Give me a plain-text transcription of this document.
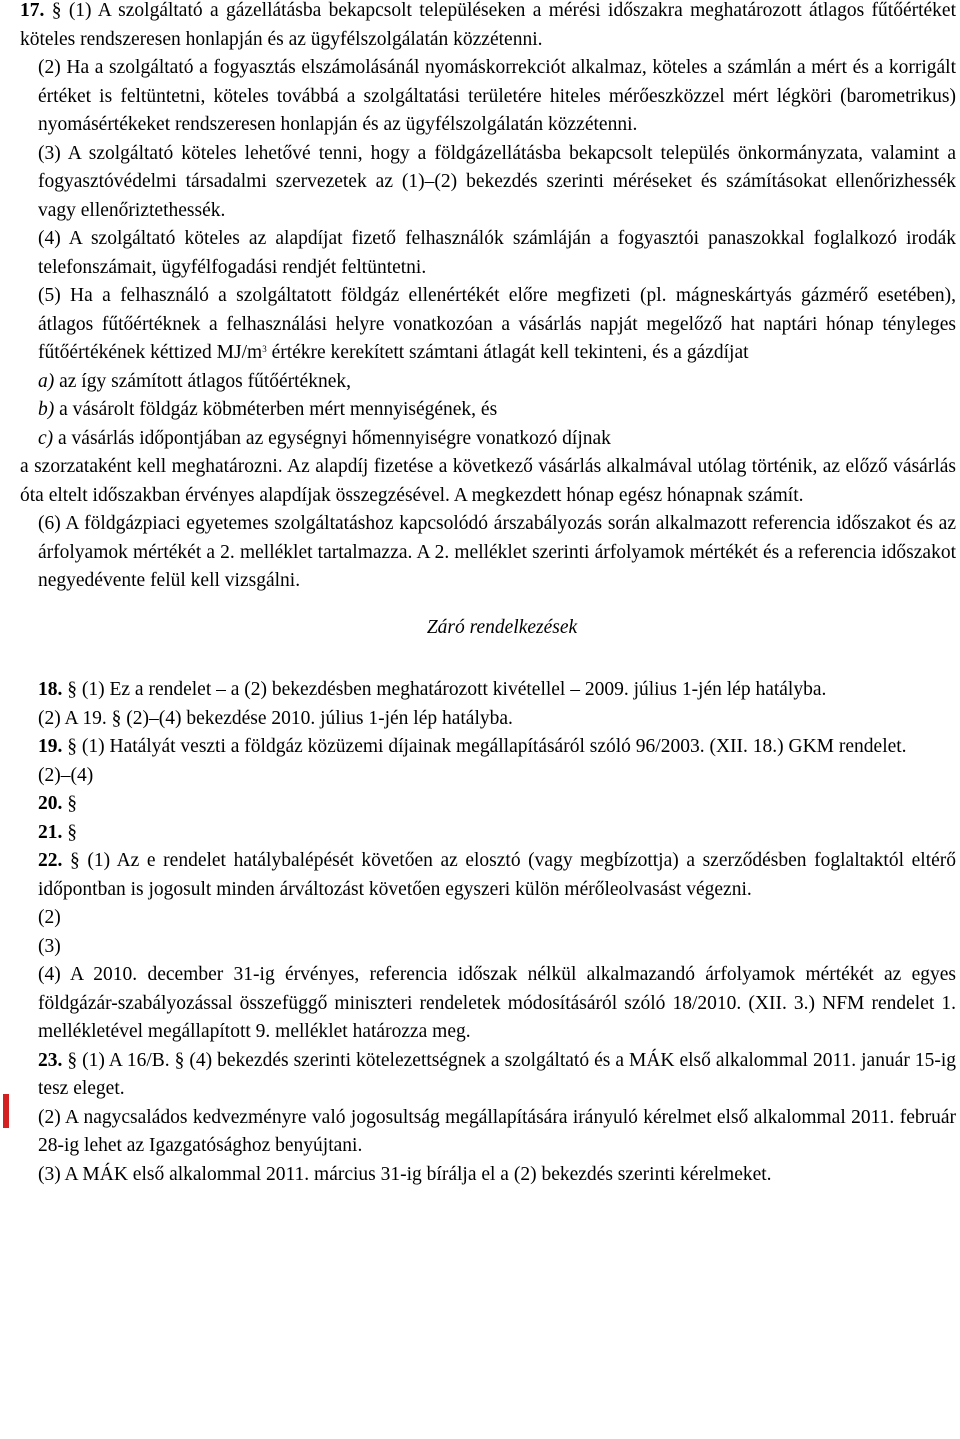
17. § (1) A szolgáltató a gázellátásba bekapcsolt településeken a mérési időszakra meghatározott átlagos fűtőértéket köteles rendszeresen honlapján és az ügyfélszolgálatán közzétenni.

(2) Ha a szolgáltató a fogyasztás elszámolásánál nyomáskorrekciót alkalmaz, köteles a számlán a mért és a korrigált értéket is feltüntetni, köteles továbbá a szolgáltatási területére hiteles mérőeszközzel mért légköri (barometrikus) nyomásértékeket rendszeresen honlapján és az ügyfélszolgálatán közzétenni.

(3) A szolgáltató köteles lehetővé tenni, hogy a földgázellátásba bekapcsolt település önkormányzata, valamint a fogyasztóvédelmi társadalmi szervezetek az (1)–(2) bekezdés szerinti méréseket és számításokat ellenőrizhessék vagy ellenőriztethessék.

(4) A szolgáltató köteles az alapdíjat fizető felhasználók számláján a fogyasztói panaszokkal foglalkozó irodák telefonszámait, ügyfélfogadási rendjét feltüntetni.

(5) Ha a felhasználó a szolgáltatott földgáz ellenértékét előre megfizeti (pl. mágneskártyás gázmérő esetében), átlagos fűtőértéknek a felhasználási helyre vonatkozóan a vásárlás napját megelőző hat naptári hónap tényleges fűtőértékének kéttized $MJ/m^3$ értékre kerekített számtani átlagát kell tekinteni, és a gázdíjat

a) az így számított átlagos fűtőértéknek,

b) a vásárolt földgáz köbméterben mért mennyiségének, és

c) a vásárlás időpontjában az egységnyi hőmennyiségre vonatkozó díjnak

a szorzataként kell meghatározni. Az alapdíj fizetése a következő vásárlás alkalmával utólag történik, az előző vásárlás óta eltelt időszakban érvényes alapdíjak összegzésével. A megkezdett hónap egész hónapnak számít.

(6) A földgázpiaci egyetemes szolgáltatáshoz kapcsolódó árszabályozás során alkalmazott referencia időszakot és az árfolyamok mértékét a 2. melléklet tartalmazza. A 2. melléklet szerinti árfolyamok mértékét és a referencia időszakot negyedévente felül kell vizsgálni.

Záró rendelkezések

18. § (1) Ez a rendelet – a (2) bekezdésben meghatározott kivétellel – 2009. július 1-jén lép hatályba.

(2) A 19. § (2)–(4) bekezdése 2010. július 1-jén lép hatályba.

19. § (1) Hatályát veszti a földgáz közüzemi díjainak megállapításáról szóló 96/2003. (XII. 18.) GKM rendelet.

(2)–(4)

20. §

21. §

22. § (1) Az e rendelet hatálybalépését követően az elosztó (vagy megbízottja) a szerződésben foglaltaktól eltérő időpontban is jogosult minden árváltozást követően egyszeri külön mérőleolvasást végezni.

(2)

(3)

(4) A 2010. december 31-ig érvényes, referencia időszak nélkül alkalmazandó árfolyamok mértékét az egyes földgázár-szabályozással összefüggő miniszteri rendeletek módosításáról szóló 18/2010. (XII. 3.) NFM rendelet 1. mellékletével megállapított 9. melléklet határozza meg.

23. § (1) A 16/B. § (4) bekezdés szerinti kötelezettségnek a szolgáltató és a MÁK első alkalommal 2011. január 15-ig tesz eleget.

(2) A nagycsaládos kedvezményre való jogosultság megállapítására irányuló kérelmet első alkalommal 2011. február 28-ig lehet az Igazgatósághoz benyújtani.

(3) A MÁK első alkalommal 2011. március 31-ig bírálja el a (2) bekezdés szerinti kérelmeket.
